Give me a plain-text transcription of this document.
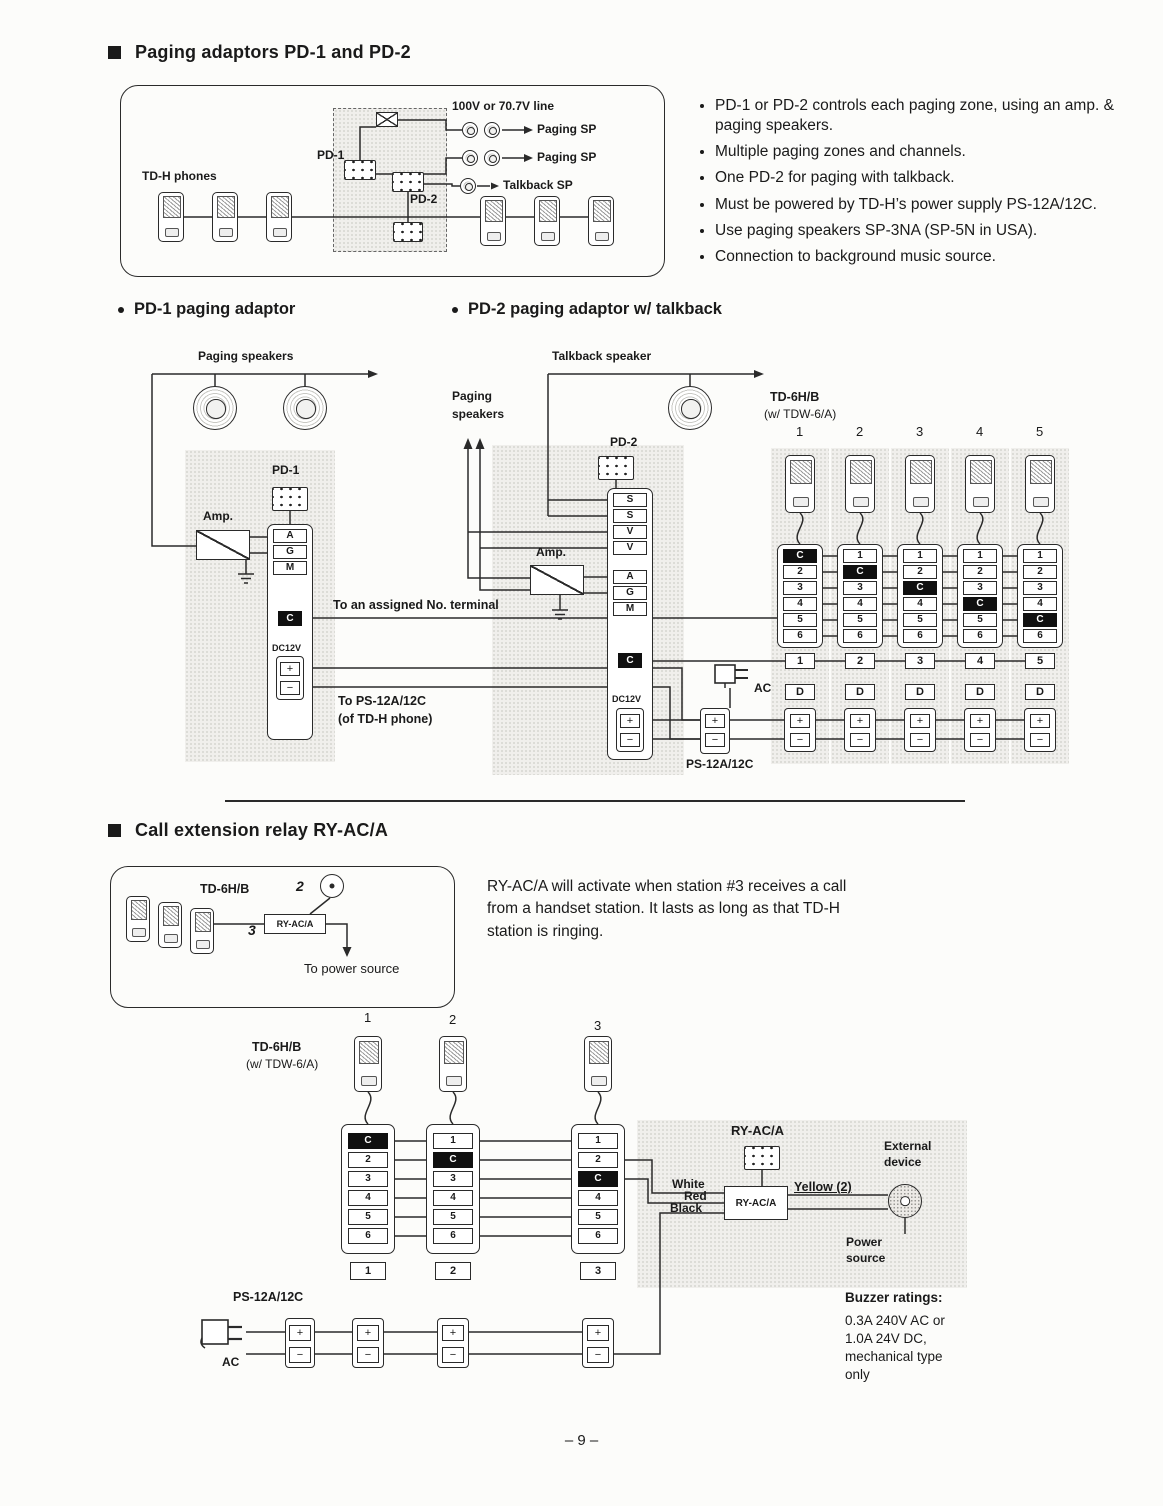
Paging adaptors PD-1 and PD-2
100V or 70.7V line
Paging SP
Paging SP
Talkback SP
PD-1
PD-2
TD-H phones
• PD-1 or PD-2 controls each paging zone, using an amp. & paging speakers.
• Multiple paging zones and channels.
• One PD-2 for paging with talkback.
• Must be powered by TD-H’s power supply PS-12A/12C.
• Use paging speakers SP-3NA (SP-5N in USA).
• Connection to background music source.
PD-1 paging adaptor	PD-2 paging adaptor w/ talkback
Paging speakers	Talkback speaker
Paging
speakers
PD-1
PD-2
Amp.
Amp.
A
G
M
C
DC12V
+
−
To an assigned No. terminal
To PS-12A/12C
(of TD-H phone)
S
S
V
V
A
G
M
C
DC12V
+
−
AC
+
−
PS-12A/12C
TD-6H/B
(w/ TDW-6/A)
1	2	3	4	5
C
2
3
4
5
6
1
D
+
−
1
C
3
4
5
6
2
D
+
−
1
2
C
4
5
6
3
D
+
−
1
2
3
C
5
6
4
D
+
−
1
2
3
4
C
6
5
D
+
−
Call extension relay RY-AC/A
TD-6H/B	2
3	RY-AC/A
To power source
RY-AC/A will activate when station #3 receives a call from a handset station. It lasts as long as that TD-H station is ringing.
1	2	3
TD-6H/B
(w/ TDW-6/A)
C
2
3
4
5
6
1
+
−
1
C
3
4
5
6
2
+
−
1
2
C
4
5
6
3
+
−
RY-AC/A
External
device
White
Red
Black	RY-AC/A
Yellow (2)
Power
source
PS-12A/12C
AC
+
−
Buzzer ratings:
0.3A 240V AC or
1.0A 24V DC,
mechanical type
only
– 9 –
